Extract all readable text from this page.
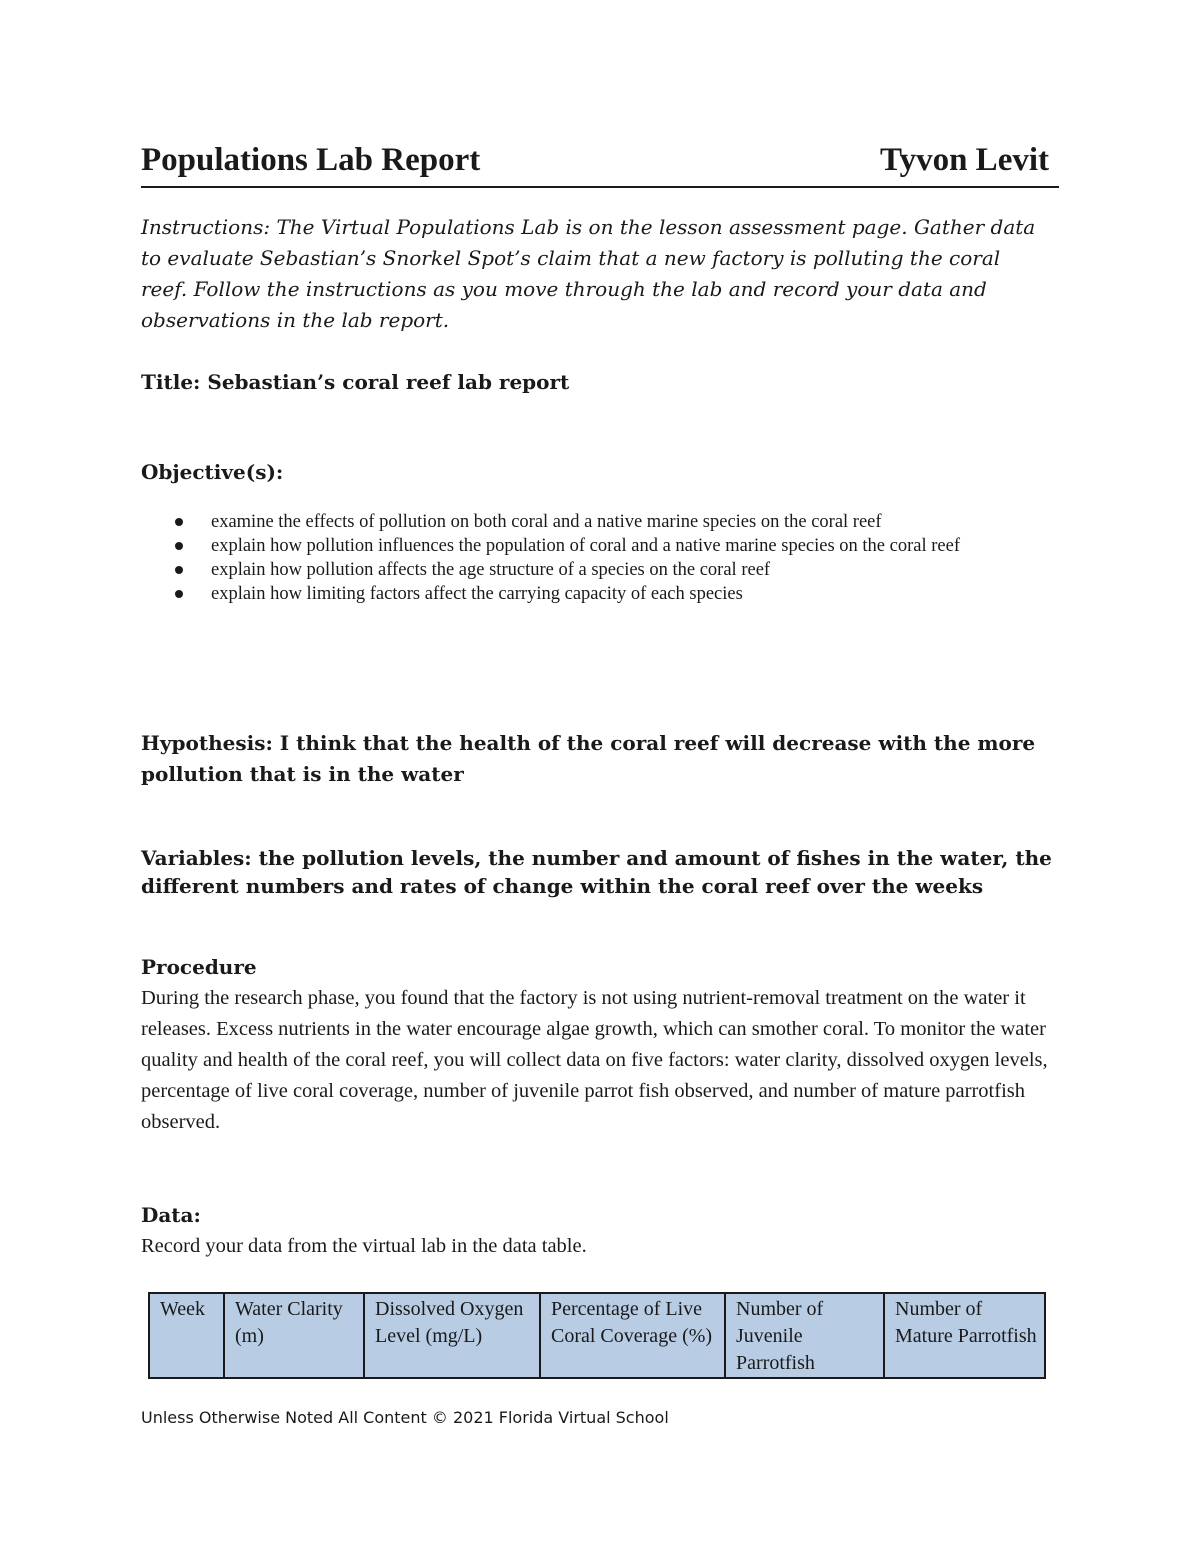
Populations Lab Report	Tyvon Levit
Instructions: The Virtual Populations Lab is on the lesson assessment page. Gather data to evaluate Sebastian’s Snorkel Spot’s claim that a new factory is polluting the coral reef. Follow the instructions as you move through the lab and record your data and observations in the lab report.
Title: Sebastian’s coral reef lab report
Objective(s):
examine the effects of pollution on both coral and a native marine species on the coral reef
explain how pollution influences the population of coral and a native marine species on the coral reef
explain how pollution affects the age structure of a species on the coral reef
explain how limiting factors affect the carrying capacity of each species
Hypothesis: I think that the health of the coral reef will decrease with the more pollution that is in the water
Variables: the pollution levels, the number and amount of fishes in the water, the different numbers and rates of change within the coral reef over the weeks
Procedure
During the research phase, you found that the factory is not using nutrient-removal treatment on the water it releases. Excess nutrients in the water encourage algae growth, which can smother coral. To monitor the water quality and health of the coral reef, you will collect data on five factors: water clarity, dissolved oxygen levels, percentage of live coral coverage, number of juvenile parrot fish observed, and number of mature parrotfish observed.
Data:
Record your data from the virtual lab in the data table.
Week	Water Clarity (m)	Dissolved Oxygen Level (mg/L)	Percentage of Live Coral Coverage (%)	Number of Juvenile Parrotfish	Number of Mature Parrotfish
Unless Otherwise Noted All Content © 2021 Florida Virtual School
